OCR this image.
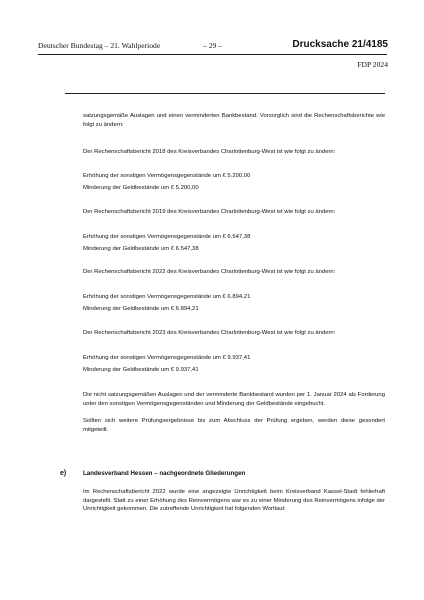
Deutscher Bundestag – 21. Wahlperiode	– 29 –	Drucksache 21/4185
FDP 2024

satzungsgemäße Auslagen und einen verminderten Bankbestand. Vorsorglich sind die Rechenschaftsberichte wie folgt zu ändern:

Der Rechenschaftsbericht 2018 des Kreisverbandes Charlottenburg-West ist wie folgt zu ändern:
Erhöhung der sonstigen Vermögensgegenstände um € 5.200,00
Minderung der Geldbestände um € 5.200,00
Der Rechenschaftsbericht 2019 des Kreisverbandes Charlottenburg-West ist wie folgt zu ändern:
Erhöhung der sonstigen Vermögensgegenstände um € 6.547,38
Minderung der Geldbestände um € 6.547,38
Der Rechenschaftsbericht 2022 des Kreisverbandes Charlottenburg-West ist wie folgt zu ändern:
Erhöhung der sonstigen Vermögensgegenstände um € 6.894,21
Minderung der Geldbestände um € 6.894,21
Der Rechenschaftsbericht 2023 des Kreisverbandes Charlottenburg-West ist wie folgt zu ändern:
Erhöhung der sonstigen Vermögensgegenstände um € 9.937,41
Minderung der Geldbestände um € 9.937,41
Die nicht satzungsgemäßen Auslagen und der verminderte Bankbestand wurden per 1. Januar 2024 als Forderung unter den sonstigen Vermögensgegenständen und Minderung der Geldbestände eingebucht.
Sollten sich weitere Prüfungsergebnisse bis zum Abschluss der Prüfung ergeben, werden diese gesondert mitgeteilt.
e)	Landesverband Hessen – nachgeordnete Gliederungen
Im Rechenschaftsbericht 2022 wurde eine angezeigte Unrichtigkeit beim Kreisverband Kassel-Stadt fehlerhaft dargestellt. Statt zu einer Erhöhung des Reinvermögens war es zu einer Minderung des Reinvermögens infolge der Unrichtigkeit gekommen. Die zutreffende Unrichtigkeit hat folgenden Wortlaut:
